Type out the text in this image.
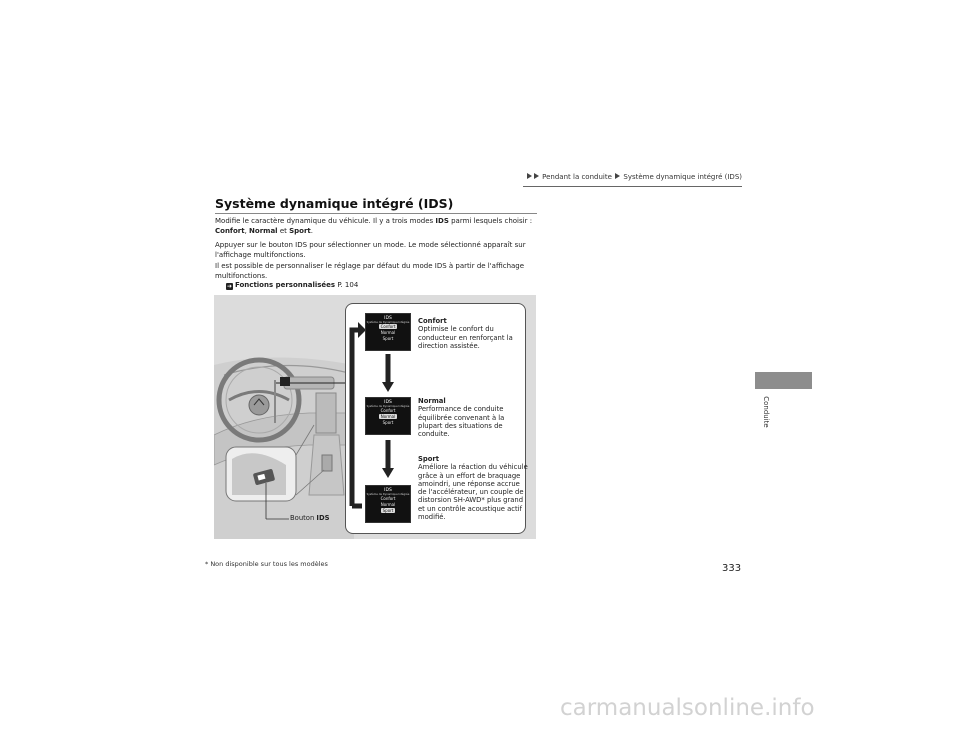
Pendant la conduite Système dynamique intégré (IDS)
Système dynamique intégré (IDS)
Modifie le caractère dynamique du véhicule. Il y a trois modes IDS parmi lesquels choisir :
Confort, Normal et Sport.
Appuyer sur le bouton IDS pour sélectionner un mode. Le mode sélectionné apparaît sur l'affichage multifonctions.
Il est possible de personnaliser le réglage par défaut du mode IDS à partir de l'affichage multifonctions.
➜ Fonctions personnalisées P. 104
IDS
Système de Dynamique Intégrée
Confort
Normal
Sport
IDS
Système de Dynamique Intégrée
Confort
Normal
Sport
IDS
Système de Dynamique Intégrée
Confort
Normal
Sport
Confort
Optimise le confort du conducteur en renforçant la direction assistée.
Normal
Performance de conduite équilibrée convenant à la plupart des situations de conduite.
Sport
Améliore la réaction du véhicule grâce à un effort de braquage amoindri, une réponse accrue de l'accélérateur, un couple de distorsion SH-AWD* plus grand et un contrôle acoustique actif modifié.
Bouton IDS
* Non disponible sur tous les modèles	333
Conduite
carmanualsonline.info
